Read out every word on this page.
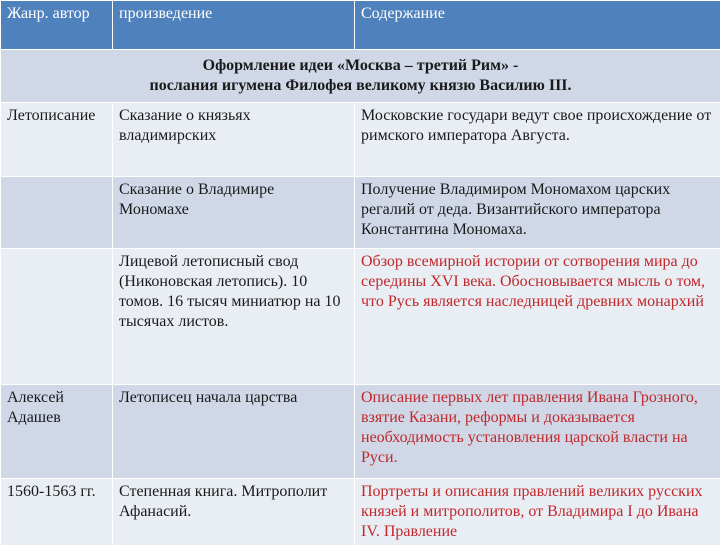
Жанр. автор	произведение	Содержание

Оформление идеи «Москва – третий Рим» -
послания игумена Филофея великому князю Василию III.		

Летописание	Сказание о князьях владимирских	Московские государи ведут свое происхождение от римского императора Августа.
	Сказание о Владимире Мономахе	Получение Владимиром Мономахом царских регалий от деда. Византийского императора Константина Мономаха.
	Лицевой летописный свод (Никоновская летопись). 10 томов. 16 тысяч миниатюр на 10 тысячах листов.	Обзор всемирной истории от сотворения мира до середины XVI века. Обосновывается мысль о том, что Русь является наследницей древних монархий
Алексей Адашев	Летописец начала царства	Описание первых лет правления Ивана Грозного, взятие Казани, реформы и доказывается необходимость установления царской власти на Руси.

1560-1563 гг.	Степенная книга. Митрополит Афанасий.	Портреты и описания правлений великих русских князей и митрополитов, от Владимира I до Ивана IV. Правление
